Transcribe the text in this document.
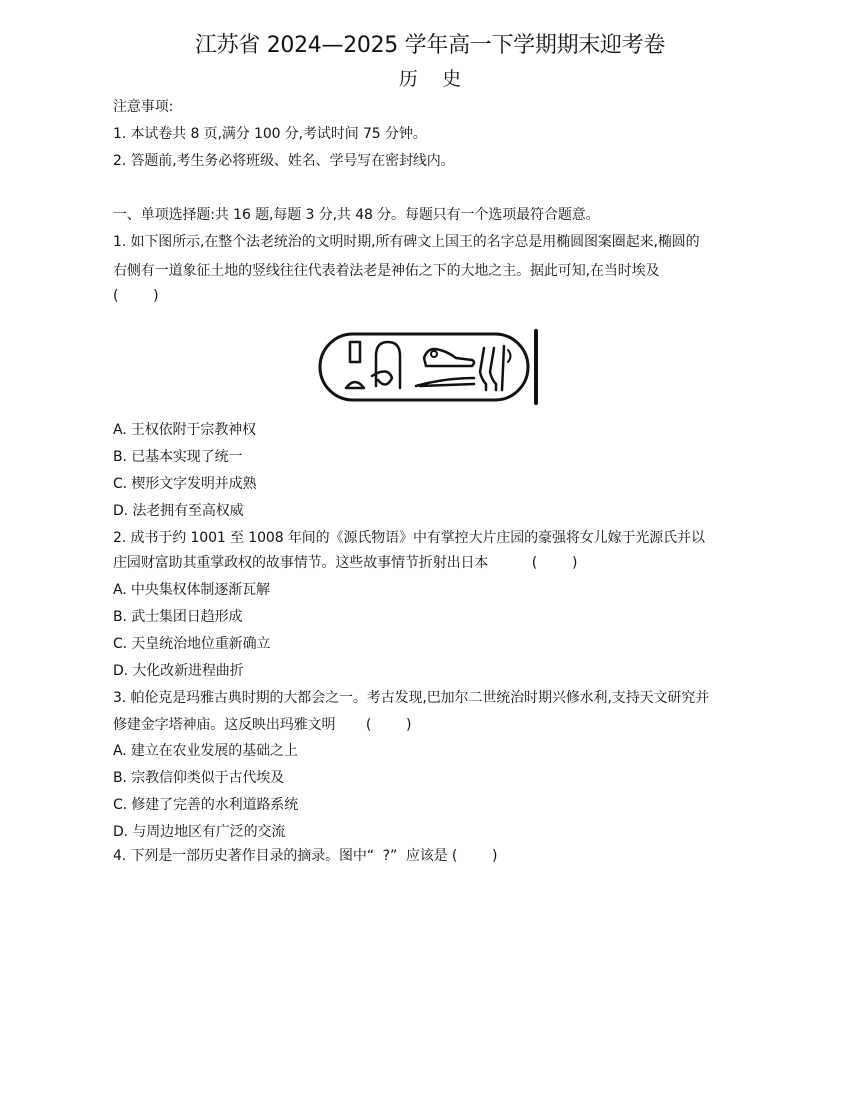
江苏省 2024—2025 学年高一下学期期末迎考卷
历    史
注意事项:
1. 本试卷共 8 页,满分 100 分,考试时间 75 分钟。
2. 答题前,考生务必将班级、姓名、学号写在密封线内。
一、单项选择题:共 16 题,每题 3 分,共 48 分。每题只有一个选项最符合题意。
1. 如下图所示,在整个法老统治的文明时期,所有碑文上国王的名字总是用椭圆图案圈起来,椭圆的
右侧有一道象征土地的竖线往往代表着法老是神佑之下的大地之主。据此可知,在当时埃及
(        )
A. 王权依附于宗教神权
B. 已基本实现了统一
C. 楔形文字发明并成熟
D. 法老拥有至高权威
2. 成书于约 1001 至 1008 年间的《源氏物语》中有掌控大片庄园的豪强将女儿嫁于光源氏并以
庄园财富助其重掌政权的故事情节。这些故事情节折射出日本          (        )
A. 中央集权体制逐渐瓦解
B. 武士集团日趋形成
C. 天皇统治地位重新确立
D. 大化改新进程曲折
3. 帕伦克是玛雅古典时期的大都会之一。考古发现,巴加尔二世统治时期兴修水利,支持天文研究并
修建金字塔神庙。这反映出玛雅文明       (        )
A. 建立在农业发展的基础之上
B. 宗教信仰类似于古代埃及
C. 修建了完善的水利道路系统
D. 与周边地区有广泛的交流
4. 下列是一部历史著作目录的摘录。图中“  ?”  应该是 (        )
